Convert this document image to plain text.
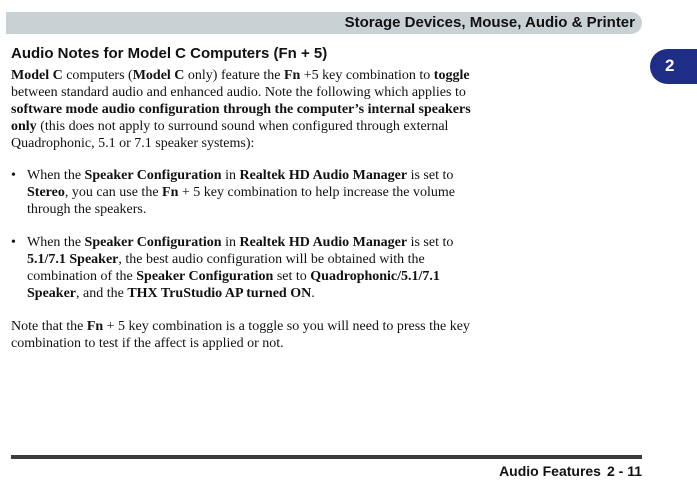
Storage Devices, Mouse, Audio & Printer
2
Audio Notes for Model C Computers (Fn + 5)
Model C computers (Model C only) feature the Fn +5 key combination to toggle between standard audio and enhanced audio. Note the following which applies to software mode audio configuration through the computer’s internal speakers only (this does not apply to surround sound when configured through external Quadrophonic, 5.1 or 7.1 speaker systems):
• When the Speaker Configuration in Realtek HD Audio Manager is set to Stereo, you can use the Fn + 5 key combination to help increase the volume through the speakers.
• When the Speaker Configuration in Realtek HD Audio Manager is set to 5.1/7.1 Speaker, the best audio configuration will be obtained with the combination of the Speaker Configuration set to Quadrophonic/5.1/7.1 Speaker, and the THX TruStudio AP turned ON.
Note that the Fn + 5 key combination is a toggle so you will need to press the key combination to test if the affect is applied or not.
Audio Features 2 - 11
